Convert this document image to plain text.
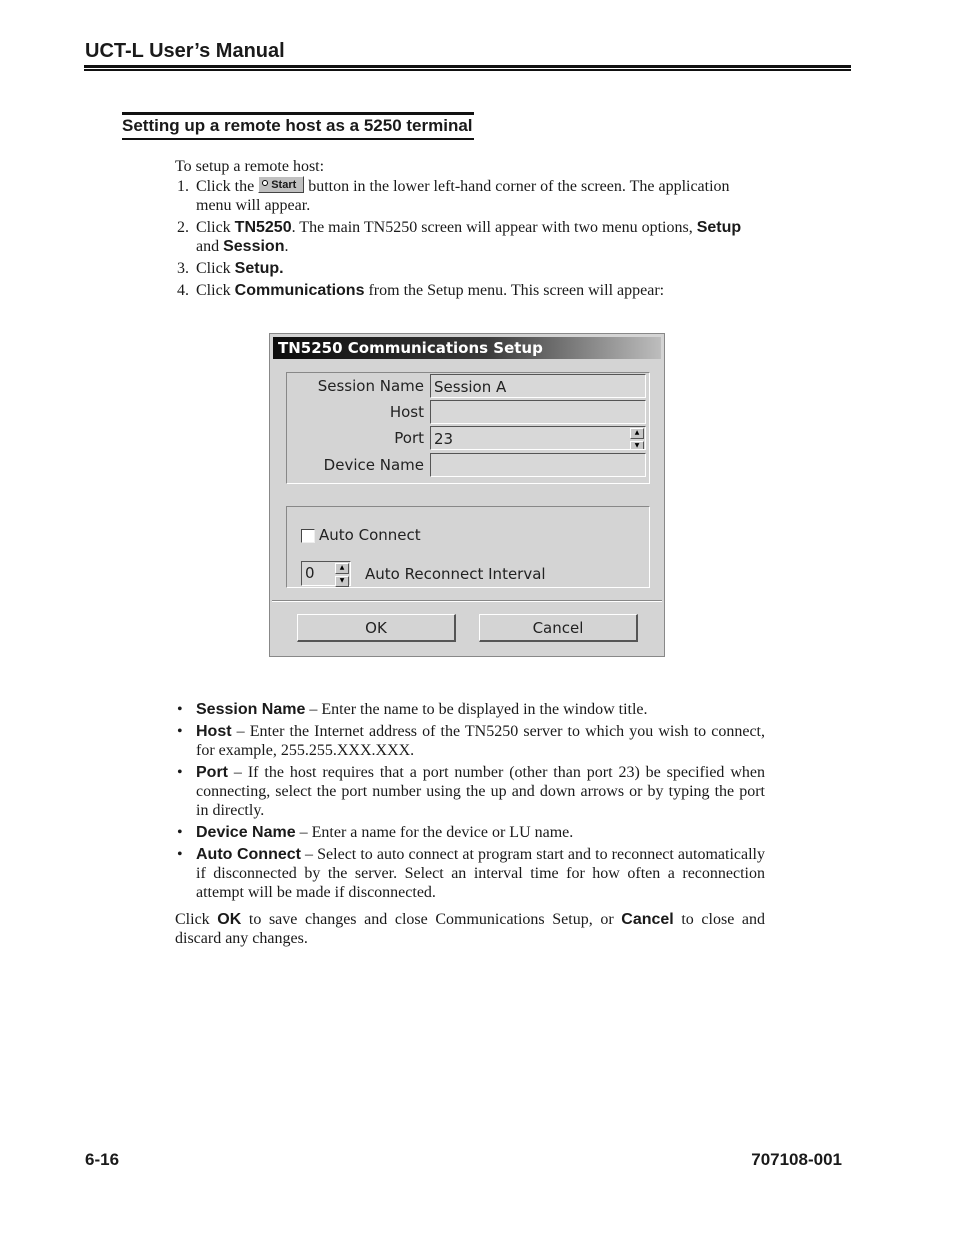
UCT-L User’s Manual
Setting up a remote host as a 5250 terminal
To setup a remote host:
1. Click the Start button in the lower left-hand corner of the screen. The application menu will appear.
2. Click TN5250. The main TN5250 screen will appear with two menu options, Setup and Session.
3. Click Setup.
4. Click Communications from the Setup menu. This screen will appear:
TN5250 Communications Setup
Session Name Session A
Host
Port 23	▲
▼
Device Name
Auto Connect
0	▲
▼	Auto Reconnect Interval
OK	Cancel
• Session Name – Enter the name to be displayed in the window title.
• Host – Enter the Internet address of the TN5250 server to which you wish to connect, for example, 255.255.XXX.XXX.
• Port – If the host requires that a port number (other than port 23) be specified when connecting, select the port number using the up and down arrows or by typing the port in directly.
• Device Name – Enter a name for the device or LU name.
• Auto Connect – Select to auto connect at program start and to reconnect automatically if disconnected by the server. Select an interval time for how often a reconnection attempt will be made if disconnected.
Click OK to save changes and close Communications Setup, or Cancel to close and discard any changes.
6-16	707108-001
